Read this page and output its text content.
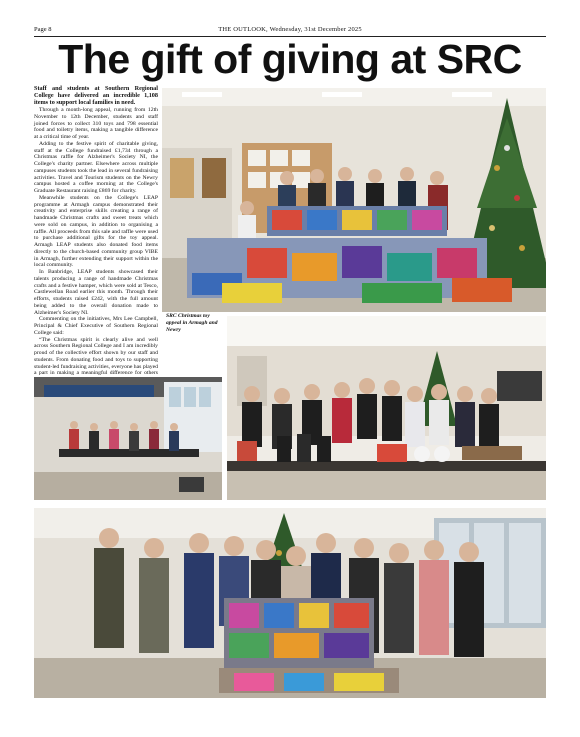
Page 8	THE OUTLOOK, Wednesday, 31st December 2025
The gift of giving at SRC

Staff and students at Southern Regional College have delivered an incredible 1,108 items to support local families in need.

Through a month-long appeal, running from 12th November to 12th December, students and staff joined forces to collect 310 toys and 798 essential food and toiletry items, making a tangible difference at a critical time of year.

Adding to the festive spirit of charitable giving, staff at the College fundraised £1,734 through a Christmas raffle for Alzheimer's Society NI, the College's charity partner. Elsewhere across multiple campuses students took the lead in several fundraising activities. Travel and Tourism students on the Newry campus hosted a coffee morning at the College's Graduate Restaurant raising £869 for charity.

Meanwhile students on the College's LEAP programme at Armagh campus demonstrated their creativity and enterprise skills creating a range of handmade Christmas crafts and sweet treats which were sold on campus, in addition to organising a raffle. All proceeds from this sale and raffle were used to purchase additional gifts for the toy appeal. Armagh LEAP students also donated food items directly to the church-based community group VIBE in Armagh, further extending their support within the local community.

In Banbridge, LEAP students showcased their talents producing a range of handmade Christmas crafts and a festive hamper, which were sold at Tesco, Castlewellan Road earlier this month. Through their efforts, students raised £242, with the full amount being added to the overall donation made to Alzheimer's Society NI.

Commenting on the initiatives, Mrs Lee Campbell, Principal & Chief Executive of Southern Regional College said:

“The Christmas spirit is clearly alive and well across Southern Regional College and I am incredibly proud of the collective effort shown by our staff and students. From donating food and toys to supporting student-led fundraising activities, everyone has played a part in making a meaningful difference for others

SRC Christmas toy appeal in Armagh and Newry
